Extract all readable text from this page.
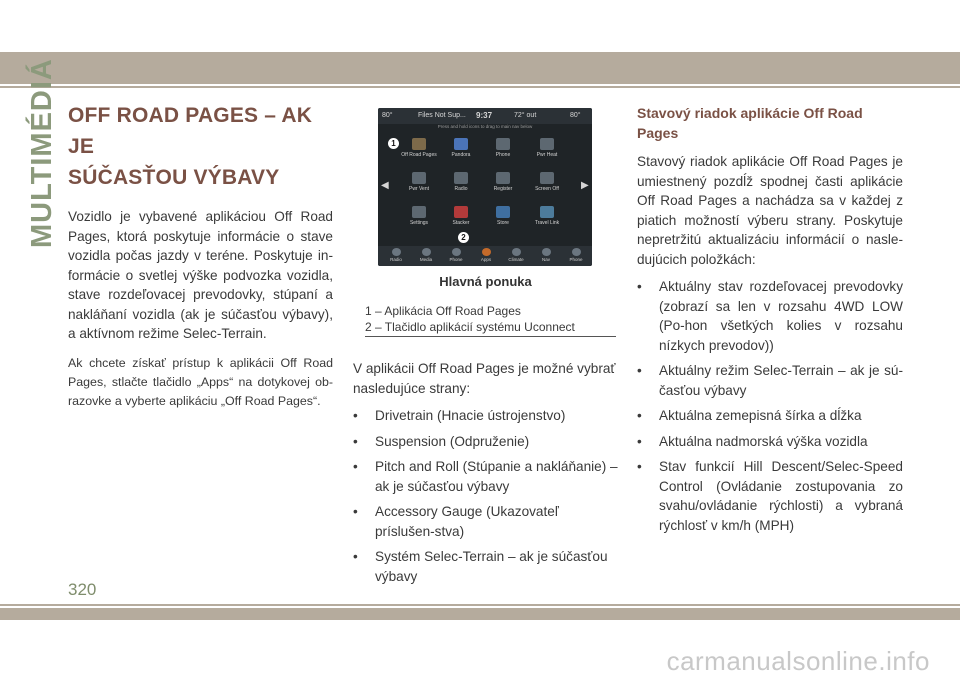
MULTIMÉDIÁ
320
OFF ROAD PAGES – AK JE
SÚČASŤOU VÝBAVY

Vozidlo je vybavené aplikáciou Off Road Pages, ktorá poskytuje informácie o stave vozidla počas jazdy v teréne. Poskytuje in-formácie o svetlej výške podvozka vozidla, stave rozdeľovacej prevodovky, stúpaní a nakláňaní vozidla (ak je súčasťou výbavy), a aktívnom režime Selec-Terrain.

Ak chcete získať prístup k aplikácii Off Road Pages, stlačte tlačidlo „Apps“ na dotykovej ob-razovke a vyberte aplikáciu „Off Road Pages“.

80°	Files Not Sup... 9:37	72° out	80°
Press and hold icons to drag to main nav below
◀	▶
Off Road Pages	Pandora	Phone	Pwr Heat
Pwr Vent	Radio	Register	Screen Off
Settings	Stacker	Store	Travel Link
1
2
Radio	Media	Phone	Apps	Climate	Nav	Phone
Hlavná ponuka
1 – Aplikácia Off Road Pages
2 – Tlačidlo aplikácií systému Uconnect

V aplikácii Off Road Pages je možné vybrať nasledujúce strany:

• Drivetrain (Hnacie ústrojenstvo)
• Suspension (Odpruženie)
• Pitch and Roll (Stúpanie a nakláňanie) – ak je súčasťou výbavy
• Accessory Gauge (Ukazovateľ príslušen-stva)
• Systém Selec-Terrain – ak je súčasťou výbavy
Stavový riadok aplikácie Off Road Pages

Stavový riadok aplikácie Off Road Pages je umiestnený pozdĺž spodnej časti aplikácie Off Road Pages a nachádza sa v každej z piatich možností výberu strany. Poskytuje nepretržitú aktualizáciu informácií o nasle-dujúcich položkách:

• Aktuálny stav rozdeľovacej prevodovky (zobrazí sa len v rozsahu 4WD LOW (Po-hon všetkých kolies v rozsahu nízkych prevodov))
• Aktuálny režim Selec-Terrain – ak je sú-časťou výbavy
• Aktuálna zemepisná šírka a dĺžka
• Aktuálna nadmorská výška vozidla
• Stav funkcií Hill Descent/Selec-Speed Control (Ovládanie zostupovania zo svahu/ovládanie rýchlosti) a vybraná rýchlosť v km/h (MPH)
carmanualsonline.info
